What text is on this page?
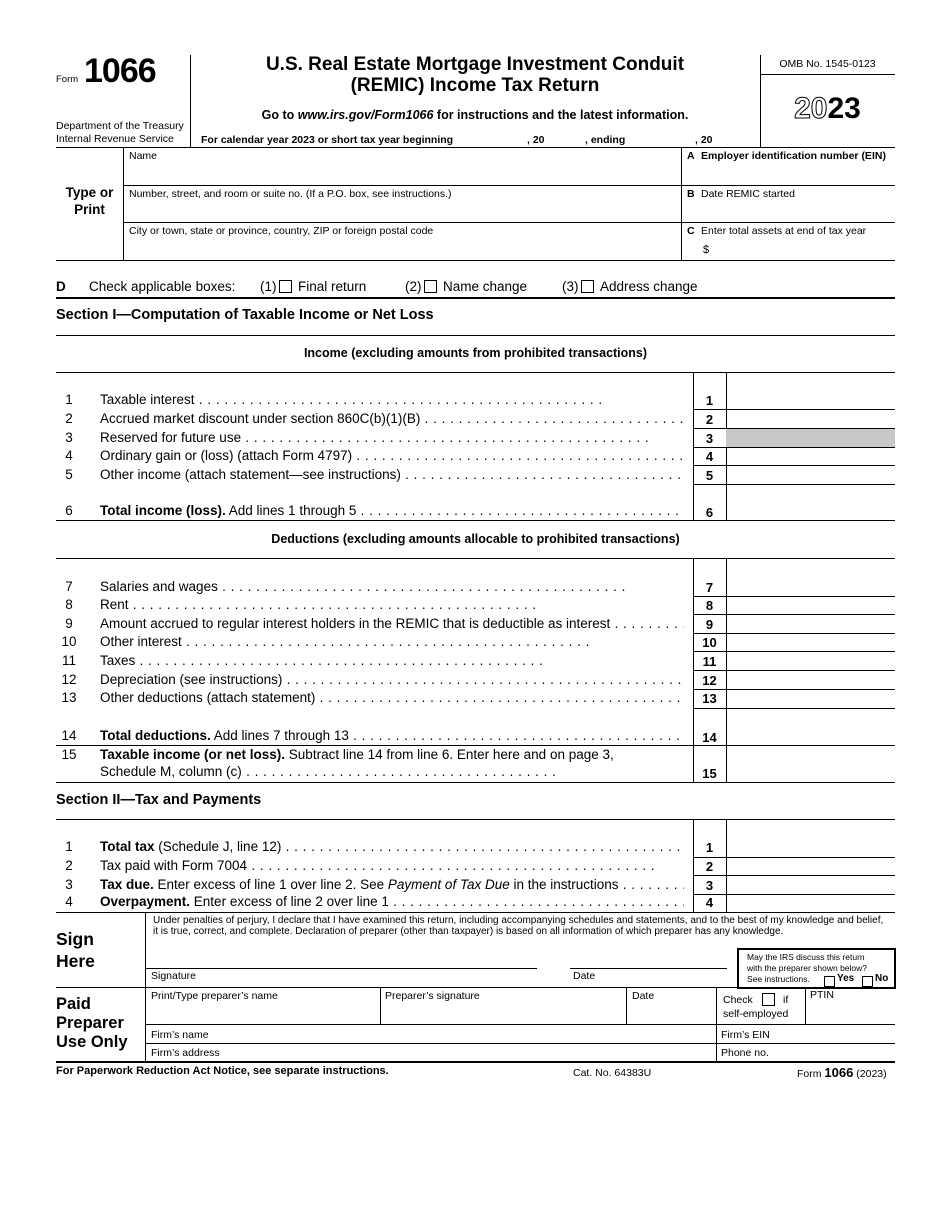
Form 1066
Department of the Treasury
Internal Revenue Service
U.S. Real Estate Mortgage Investment Conduit
(REMIC) Income Tax Return
Go to www.irs.gov/Form1066 for instructions and the latest information.
OMB No. 1545-0123
2023
For calendar year 2023 or short tax year beginning	, 20	, ending	, 20
Type or
Print
Name
Number, street, and room or suite no. (If a P.O. box, see instructions.)
City or town, state or province, country, ZIP or foreign postal code
A Employer identification number (EIN)
B Date REMIC started
C Enter total assets at end of tax year
$
D Check applicable boxes: (1) Final return	(2) Name change	(3) Address change
Section I—Computation of Taxable Income or Net Loss
Income (excluding amounts from prohibited transactions)
1	Taxable interest . .	1
2	Accrued market discount under section 860C(b)(1)(B) . .	2
3	Reserved for future use . .	3
4	Ordinary gain or (loss) (attach Form 4797) . .	4
5	Other income (attach statement—see instructions) . .	5
6	Total income (loss). Add lines 1 through 5 . .	6
Deductions (excluding amounts allocable to prohibited transactions)
7	Salaries and wages . .	7
8	Rent . .	8
9	Amount accrued to regular interest holders in the REMIC that is deductible as interest . .	9
10	Other interest . .	10
11	Taxes . .	11
12	Depreciation (see instructions) . .	12
13	Other deductions (attach statement) . .	13
14	Total deductions. Add lines 7 through 13 . .	14
15	Taxable income (or net loss). Subtract line 14 from line 6. Enter here and on page 3,
Schedule M, column (c) . . . . . . . . . . . . . . . . . . . . . . . . . . . . . . . . . . . . .	15
Section II—Tax and Payments
1	Total tax (Schedule J, line 12) . .	1
2	Tax paid with Form 7004 . .	2
3	Tax due. Enter excess of line 1 over line 2. See Payment of Tax Due in the instructions . .	3
4	Overpayment. Enter excess of line 2 over line 1 . .	4
Sign
Here
Under penalties of perjury, I declare that I have examined this return, including accompanying schedules and statements, and to the best of my knowledge and belief, it is true, correct, and complete. Declaration of preparer (other than taxpayer) is based on all information of which preparer has any knowledge.
Signature	Date
May the IRS discuss this return
with the preparer shown below?
See instructions.	Yes No
Paid
Preparer
Use Only
Print/Type preparer’s name	Preparer’s signature	Date	Check	if
self-employed
PTIN
Firm’s name	Firm’s EIN
Firm’s address	Phone no.
For Paperwork Reduction Act Notice, see separate instructions.	Cat. No. 64383U	Form 1066 (2023)
